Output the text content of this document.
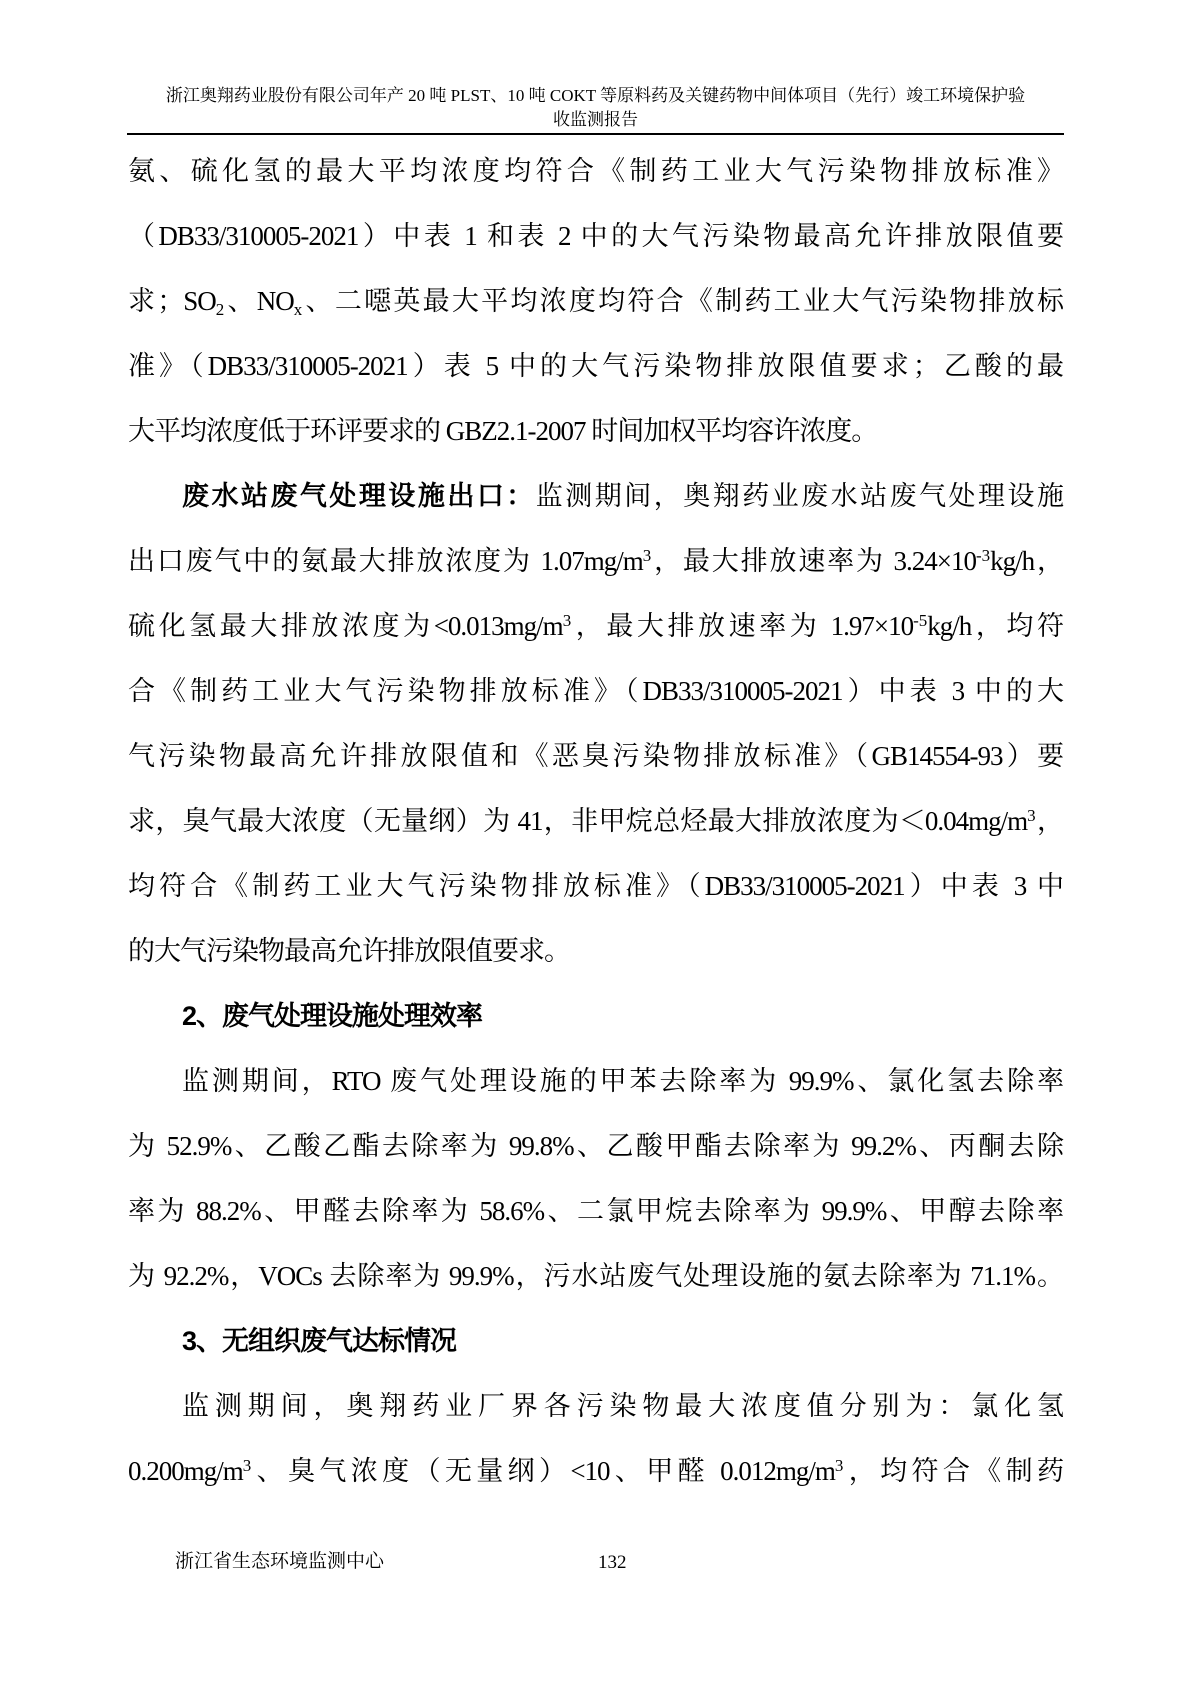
浙江奥翔药业股份有限公司年产 20 吨 PLST、10 吨 COKT 等原料药及关键药物中间体项目（先行）竣工环境保护验
收监测报告
氨、硫化氢的最大平均浓度均符合《制药工业大气污染物排放标准》
（DB33/310005-2021）中表 1 和表 2 中的大气污染物最高允许排放限值要
求；$SO_2$、$NO_x$、二噁英最大平均浓度均符合《制药工业大气污染物排放标
准》（DB33/310005-2021）表 5 中的大气污染物排放限值要求；乙酸的最
大平均浓度低于环评要求的 GBZ2.1-2007 时间加权平均容许浓度。
废水站废气处理设施出口：监测期间，奥翔药业废水站废气处理设施
出口废气中的氨最大排放浓度为 $1.07mg/m^3$，最大排放速率为 $3.24\times 10^{-3}kg/h$，
硫化氢最大排放浓度为$<0.013mg/m^3$，最大排放速率为 $1.97\times 10^{-5}kg/h$，均符
合《制药工业大气污染物排放标准》（DB33/310005-2021）中表 3 中的大
气污染物最高允许排放限值和《恶臭污染物排放标准》（GB14554-93）要
求，臭气最大浓度（无量纲）为 41，非甲烷总烃最大排放浓度为$<0.04mg/m^3$，
均符合《制药工业大气污染物排放标准》（DB33/310005-2021）中表 3 中
的大气污染物最高允许排放限值要求。
2、废气处理设施处理效率
监测期间，RTO 废气处理设施的甲苯去除率为 99.9%、氯化氢去除率
为 52.9%、乙酸乙酯去除率为 99.8%、乙酸甲酯去除率为 99.2%、丙酮去除
率为 88.2%、甲醛去除率为 58.6%、二氯甲烷去除率为 99.9%、甲醇去除率
为 92.2%，VOCs 去除率为 99.9%，污水站废气处理设施的氨去除率为 71.1%。
3、无组织废气达标情况
监测期间，奥翔药业厂界各污染物最大浓度值分别为：氯化氢
$0.200mg/m^3$、臭气浓度（无量纲）<10、甲醛 $0.012mg/m^3$，均符合《制药
浙江省生态环境监测中心	132
